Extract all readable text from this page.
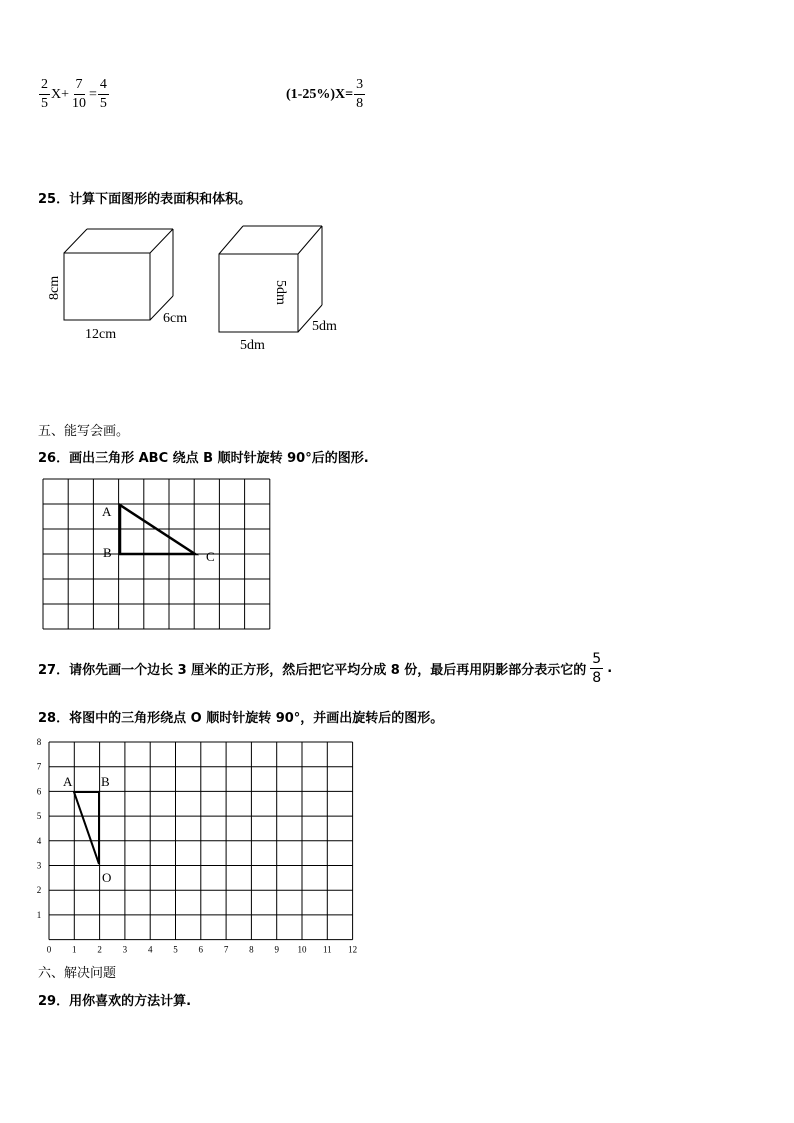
$\frac{2}{5} X+ \frac{7}{10} = \frac{4}{5}$	$(1-25\%)X= \frac{3}{8}$
25．计算下面图形的表面积和体积。
8cm
12cm
6cm
5dm
5dm
5dm
五、能写会画。
26．画出三角形 ABC 绕点 B 顺时针旋转 90°后的图形.
A
B	C
27．请你先画一个边长 3 厘米的正方形，然后把它平均分成 8 份，最后再用阴影部分表示它的 $\frac{5}{8}$ .
28．将图中的三角形绕点 O 顺时针旋转 90°，并画出旋转后的图形。
0 1 2 3 4 5 6 7 8 9 10 11 12
1
2
3
4
5
6
7
8
A B
O
六、解决问题
29．用你喜欢的方法计算.
